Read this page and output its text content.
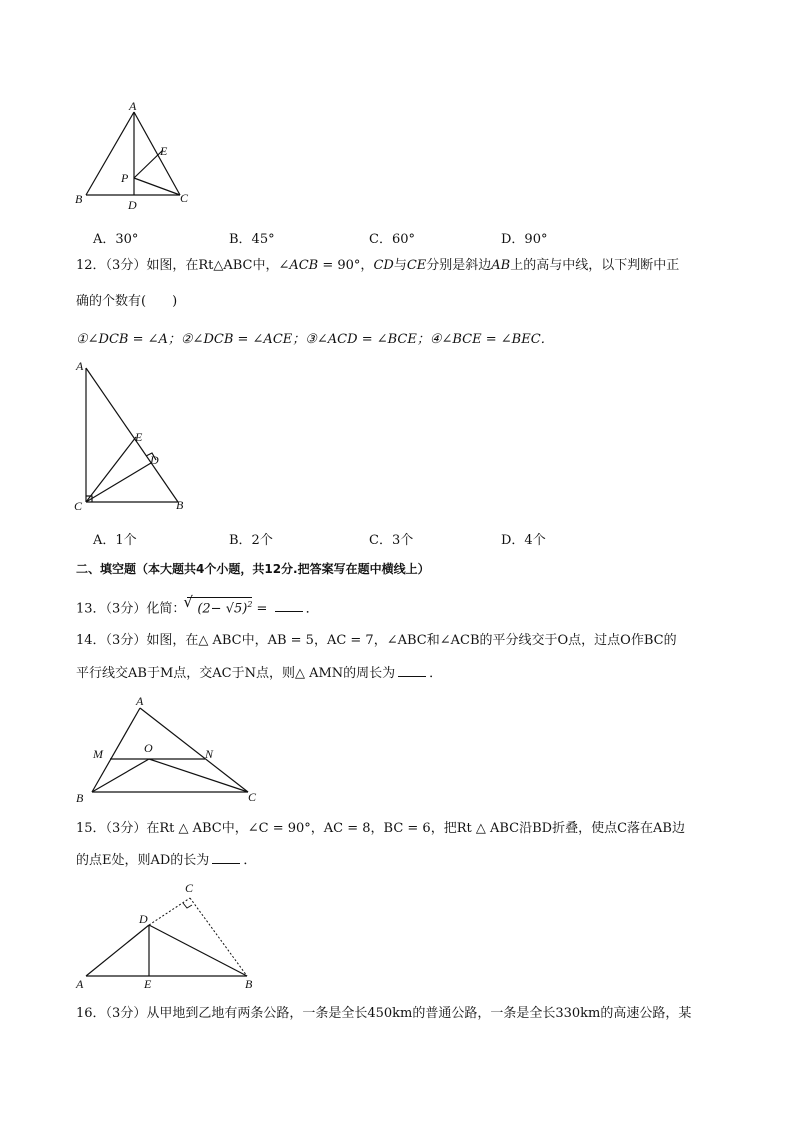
A
B	C
D
E
P
A．30°	B．45°	C．60°	D．90°
12．（3分）如图，在Rt△ABC中，∠ACB = 90°，CD与CE分别是斜边AB上的高与中线，以下判断中正
确的个数有(　　)
①∠DCB = ∠A；②∠DCB = ∠ACE；③∠ACD = ∠BCE；④∠BCE = ∠BEC．
A
B
C
D
E
A．1个	B．2个	C．3个	D．4个
二、填空题（本大题共4个小题，共12分.把答案写在题中横线上）
13．（3分）化简：√ $(2- √5)^2$ =	．
14．（3分）如图，在△ ABC中，AB = 5，AC = 7，∠ABC和∠ACB的平分线交于O点，过点O作BC的
平行线交AB于M点，交AC于N点，则△ AMN的周长为	．
A
B	C
M	N
O
15．（3分）在Rt △ ABC中，∠C = 90°，AC = 8，BC = 6，把Rt △ ABC沿BD折叠，使点C落在AB边
的点E处，则AD的长为	．
A	B
C
D
E
16．（3分）从甲地到乙地有两条公路，一条是全长450km的普通公路，一条是全长330km的高速公路，某
